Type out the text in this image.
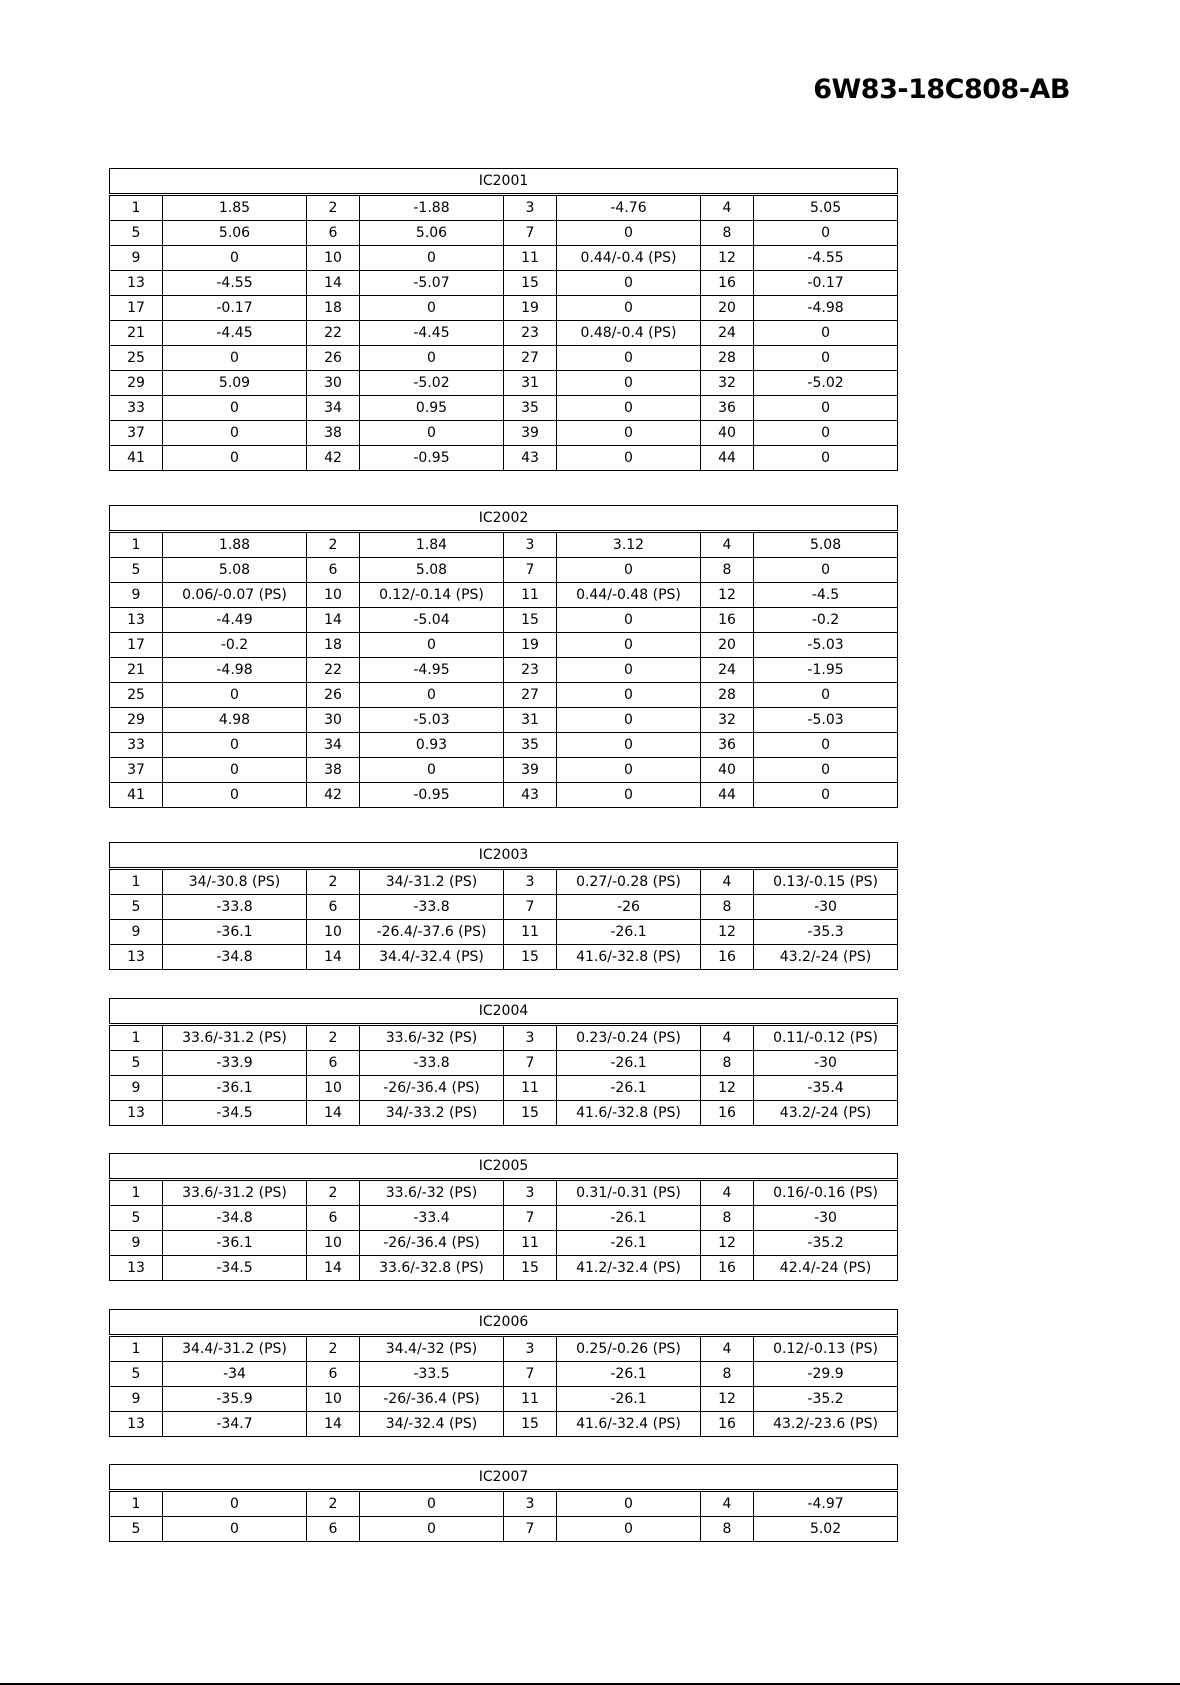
6W83-18C808-AB
IC2001							
1	1.85	2	-1.88	3	-4.76	4	5.05
5	5.06	6	5.06	7	0	8	0
9	0	10	0	11	0.44/-0.4 (PS)	12	-4.55
13	-4.55	14	-5.07	15	0	16	-0.17
17	-0.17	18	0	19	0	20	-4.98
21	-4.45	22	-4.45	23	0.48/-0.4 (PS)	24	0
25	0	26	0	27	0	28	0
29	5.09	30	-5.02	31	0	32	-5.02
33	0	34	0.95	35	0	36	0
37	0	38	0	39	0	40	0
41	0	42	-0.95	43	0	44	0
IC2002							
1	1.88	2	1.84	3	3.12	4	5.08
5	5.08	6	5.08	7	0	8	0
9	0.06/-0.07 (PS)	10	0.12/-0.14 (PS)	11	0.44/-0.48 (PS)	12	-4.5
13	-4.49	14	-5.04	15	0	16	-0.2
17	-0.2	18	0	19	0	20	-5.03
21	-4.98	22	-4.95	23	0	24	-1.95
25	0	26	0	27	0	28	0
29	4.98	30	-5.03	31	0	32	-5.03
33	0	34	0.93	35	0	36	0
37	0	38	0	39	0	40	0
41	0	42	-0.95	43	0	44	0
IC2003							
1	34/-30.8 (PS)	2	34/-31.2 (PS)	3	0.27/-0.28 (PS)	4	0.13/-0.15 (PS)
5	-33.8	6	-33.8	7	-26	8	-30
9	-36.1	10	-26.4/-37.6 (PS)	11	-26.1	12	-35.3
13	-34.8	14	34.4/-32.4 (PS)	15	41.6/-32.8 (PS)	16	43.2/-24 (PS)
IC2004							
1	33.6/-31.2 (PS)	2	33.6/-32 (PS)	3	0.23/-0.24 (PS)	4	0.11/-0.12 (PS)
5	-33.9	6	-33.8	7	-26.1	8	-30
9	-36.1	10	-26/-36.4 (PS)	11	-26.1	12	-35.4
13	-34.5	14	34/-33.2 (PS)	15	41.6/-32.8 (PS)	16	43.2/-24 (PS)
IC2005							
1	33.6/-31.2 (PS)	2	33.6/-32 (PS)	3	0.31/-0.31 (PS)	4	0.16/-0.16 (PS)
5	-34.8	6	-33.4	7	-26.1	8	-30
9	-36.1	10	-26/-36.4 (PS)	11	-26.1	12	-35.2
13	-34.5	14	33.6/-32.8 (PS)	15	41.2/-32.4 (PS)	16	42.4/-24 (PS)
IC2006							
1	34.4/-31.2 (PS)	2	34.4/-32 (PS)	3	0.25/-0.26 (PS)	4	0.12/-0.13 (PS)
5	-34	6	-33.5	7	-26.1	8	-29.9
9	-35.9	10	-26/-36.4 (PS)	11	-26.1	12	-35.2
13	-34.7	14	34/-32.4 (PS)	15	41.6/-32.4 (PS)	16	43.2/-23.6 (PS)
IC2007							
1	0	2	0	3	0	4	-4.97
5	0	6	0	7	0	8	5.02
